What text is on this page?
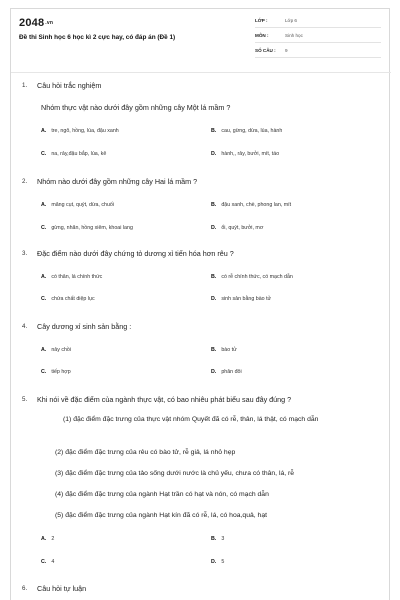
2048.vn
Đề thi Sinh học 6 học kì 2 cực hay, có đáp án (Đề 1)
LỚP :	Lớp 6
MÔN :	Sinh học
SỐ CÂU : 9
1. Câu hỏi trắc nghiệm
Nhóm thực vật nào dưới đây gồm những cây Một lá mầm ?
A. tre, ngô, hồng, lúa, đậu xanh	B. cau, gừng, dừa, lúa, hành
C. na, rảy,đậu bắp, lúa, kê	D. hành,, rảy, bưởi, mít, táo
2. Nhóm nào dưới đây gồm những cây Hai lá mầm ?
A. măng cụt, quýt, dừa, chuối	B. đậu xanh, chè, phong lan, mít
C. gừng, nhãn, hồng xiêm, khoai lang	D. ổi, quýt, bưởi, mơ
3. Đặc điểm nào dưới đây chứng tỏ dương xỉ tiến hóa hơn rêu ?
A. có thân, lá chính thức	B. có rễ chính thức, có mạch dẫn
C. chứa chất diệp lục	D. sinh sản bằng bào tử
4. Cây dương xỉ sinh sản bằng :
A. nảy chồi	B. bào tử
C. tiếp hợp	D. phân đôi
5. Khi nói về đặc điểm của ngành thực vật, có bao nhiêu phát biểu sau đây đúng ?
(1) đặc điểm đặc trưng của thực vật nhóm Quyết đã có rễ, thân, lá thật, có mạch dẫn
(2) đặc điểm đặc trưng của rêu có bào tử, rễ giả, lá nhỏ hẹp
(3) đặc điểm đặc trưng của tảo sống dưới nước là chủ yếu, chưa có thân, lá, rễ
(4) đặc điểm đặc trưng của ngành Hạt trần có hạt và nón, có mạch dẫn
(5) đặc điểm đặc trưng của ngành Hạt kín đã có rễ, lá, có hoa,quả, hạt
A. 2	B. 3
C. 4	D. 5
6. Câu hỏi tự luận
